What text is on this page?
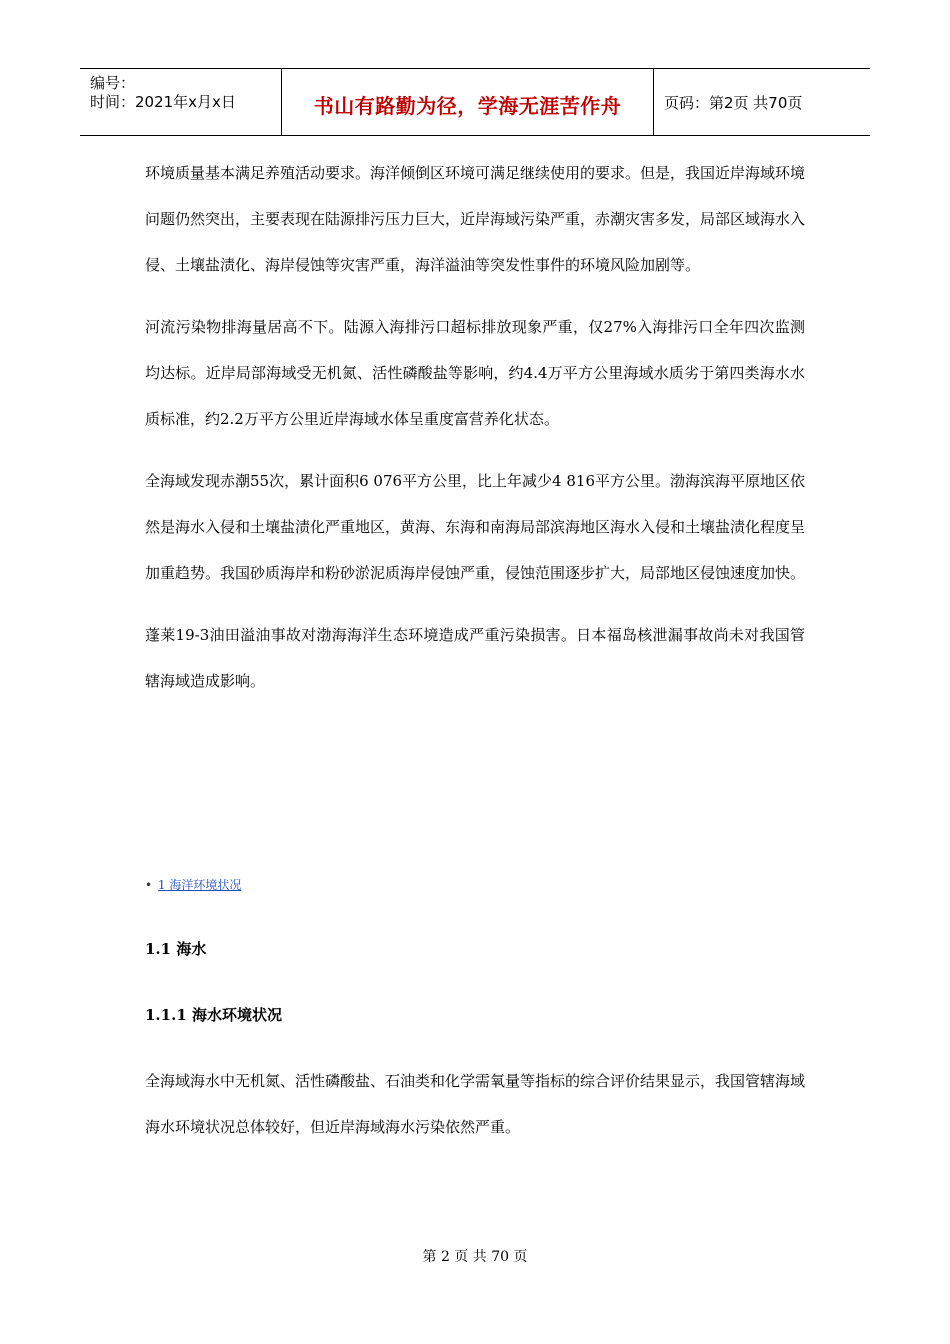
编号：
时间：2021年x月x日	书山有路勤为径，学海无涯苦作舟	页码：第2页 共70页

环境质量基本满足养殖活动要求。海洋倾倒区环境可满足继续使用的要求。但是，我国近岸海域环境问题仍然突出，主要表现在陆源排污压力巨大，近岸海域污染严重，赤潮灾害多发，局部区域海水入侵、土壤盐渍化、海岸侵蚀等灾害严重，海洋溢油等突发性事件的环境风险加剧等。

河流污染物排海量居高不下。陆源入海排污口超标排放现象严重，仅27%入海排污口全年四次监测均达标。近岸局部海域受无机氮、活性磷酸盐等影响，约4.4万平方公里海域水质劣于第四类海水水质标准，约2.2万平方公里近岸海域水体呈重度富营养化状态。

全海域发现赤潮55次，累计面积6 076平方公里，比上年减少4 816平方公里。渤海滨海平原地区依然是海水入侵和土壤盐渍化严重地区，黄海、东海和南海局部滨海地区海水入侵和土壤盐渍化程度呈加重趋势。我国砂质海岸和粉砂淤泥质海岸侵蚀严重，侵蚀范围逐步扩大，局部地区侵蚀速度加快。

蓬莱19-3油田溢油事故对渤海海洋生态环境造成严重污染损害。日本福岛核泄漏事故尚未对我国管辖海域造成影响。

• 1 海洋环境状况
1.1 海水
1.1.1 海水环境状况

全海域海水中无机氮、活性磷酸盐、石油类和化学需氧量等指标的综合评价结果显示，我国管辖海域海水环境状况总体较好，但近岸海域海水污染依然严重。

第 2 页 共 70 页
